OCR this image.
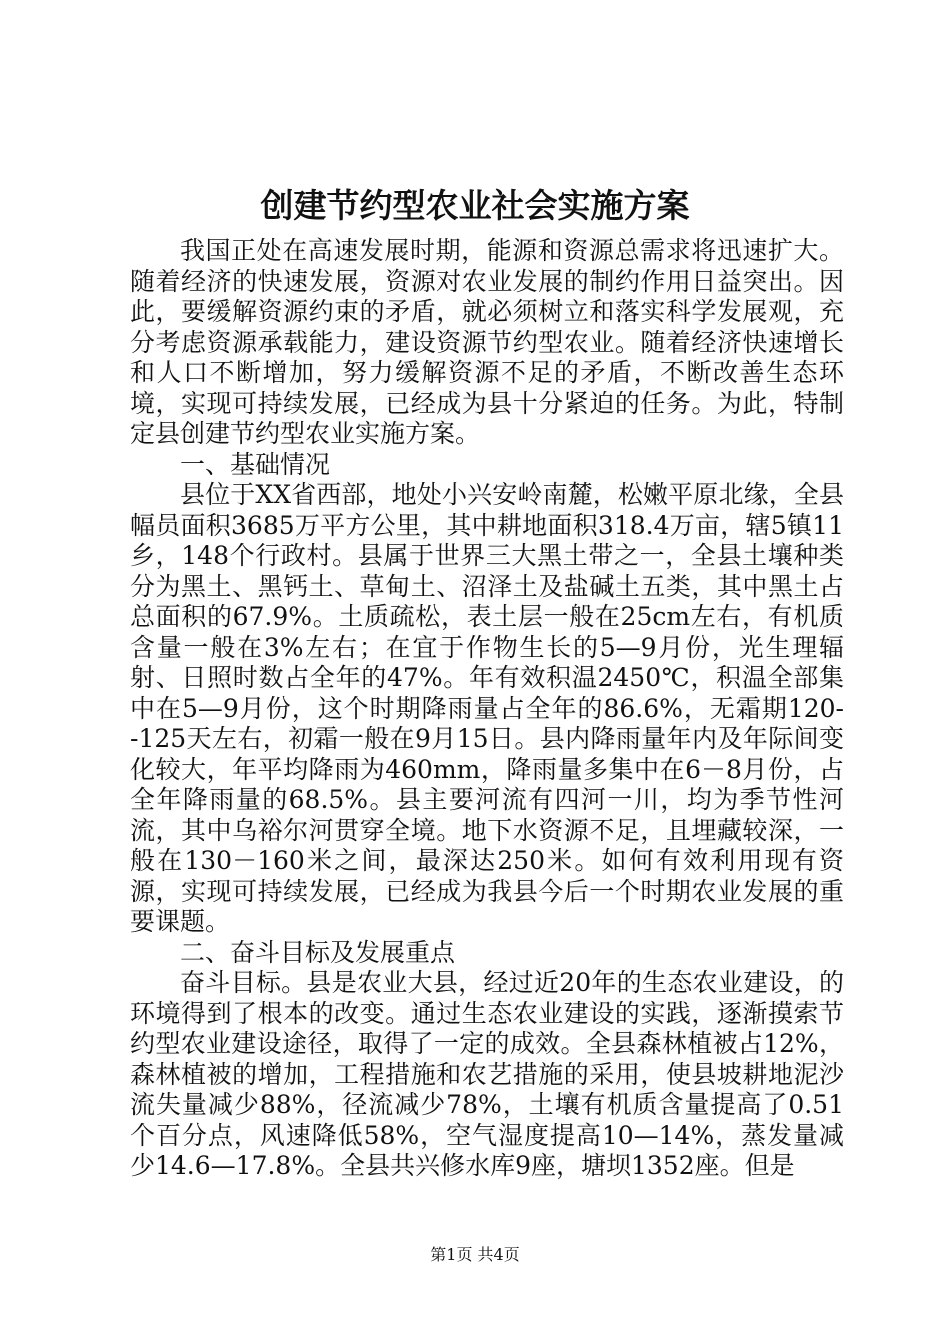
创建节约型农业社会实施方案

我国正处在高速发展时期，能源和资源总需求将迅速扩大。随着经济的快速发展，资源对农业发展的制约作用日益突出。因此，要缓解资源约束的矛盾，就必须树立和落实科学发展观，充分考虑资源承载能力，建设资源节约型农业。随着经济快速增长和人口不断增加，努力缓解资源不足的矛盾，不断改善生态环境，实现可持续发展，已经成为县十分紧迫的任务。为此，特制定县创建节约型农业实施方案。

一、基础情况

县位于XX省西部，地处小兴安岭南麓，松嫩平原北缘，全县幅员面积3685万平方公里，其中耕地面积318.4万亩，辖5镇11乡，148个行政村。县属于世界三大黑土带之一，全县土壤种类分为黑土、黑钙土、草甸土、沼泽土及盐碱土五类，其中黑土占总面积的67.9%。土质疏松，表土层一般在25cm左右，有机质含量一般在3%左右；在宜于作物生长的5—9月份，光生理辐射、日照时数占全年的47%。年有效积温2450℃，积温全部集中在5—9月份，这个时期降雨量占全年的86.6%，无霜期120--125天左右，初霜一般在9月15日。县内降雨量年内及年际间变化较大，年平均降雨为460mm，降雨量多集中在6－8月份，占全年降雨量的68.5%。县主要河流有四河一川，均为季节性河流，其中乌裕尔河贯穿全境。地下水资源不足，且埋藏较深，一般在130－160米之间，最深达250米。如何有效利用现有资源，实现可持续发展，已经成为我县今后一个时期农业发展的重要课题。

二、奋斗目标及发展重点

奋斗目标。县是农业大县，经过近20年的生态农业建设，的环境得到了根本的改变。通过生态农业建设的实践，逐渐摸索节约型农业建设途径，取得了一定的成效。全县森林植被占12%，森林植被的增加，工程措施和农艺措施的采用，使县坡耕地泥沙流失量减少88%，径流减少78%，土壤有机质含量提高了0.51个百分点，风速降低58%，空气湿度提高10—14%，蒸发量减少14.6—17.8%。全县共兴修水库9座，塘坝1352座。但是

第1页 共4页
